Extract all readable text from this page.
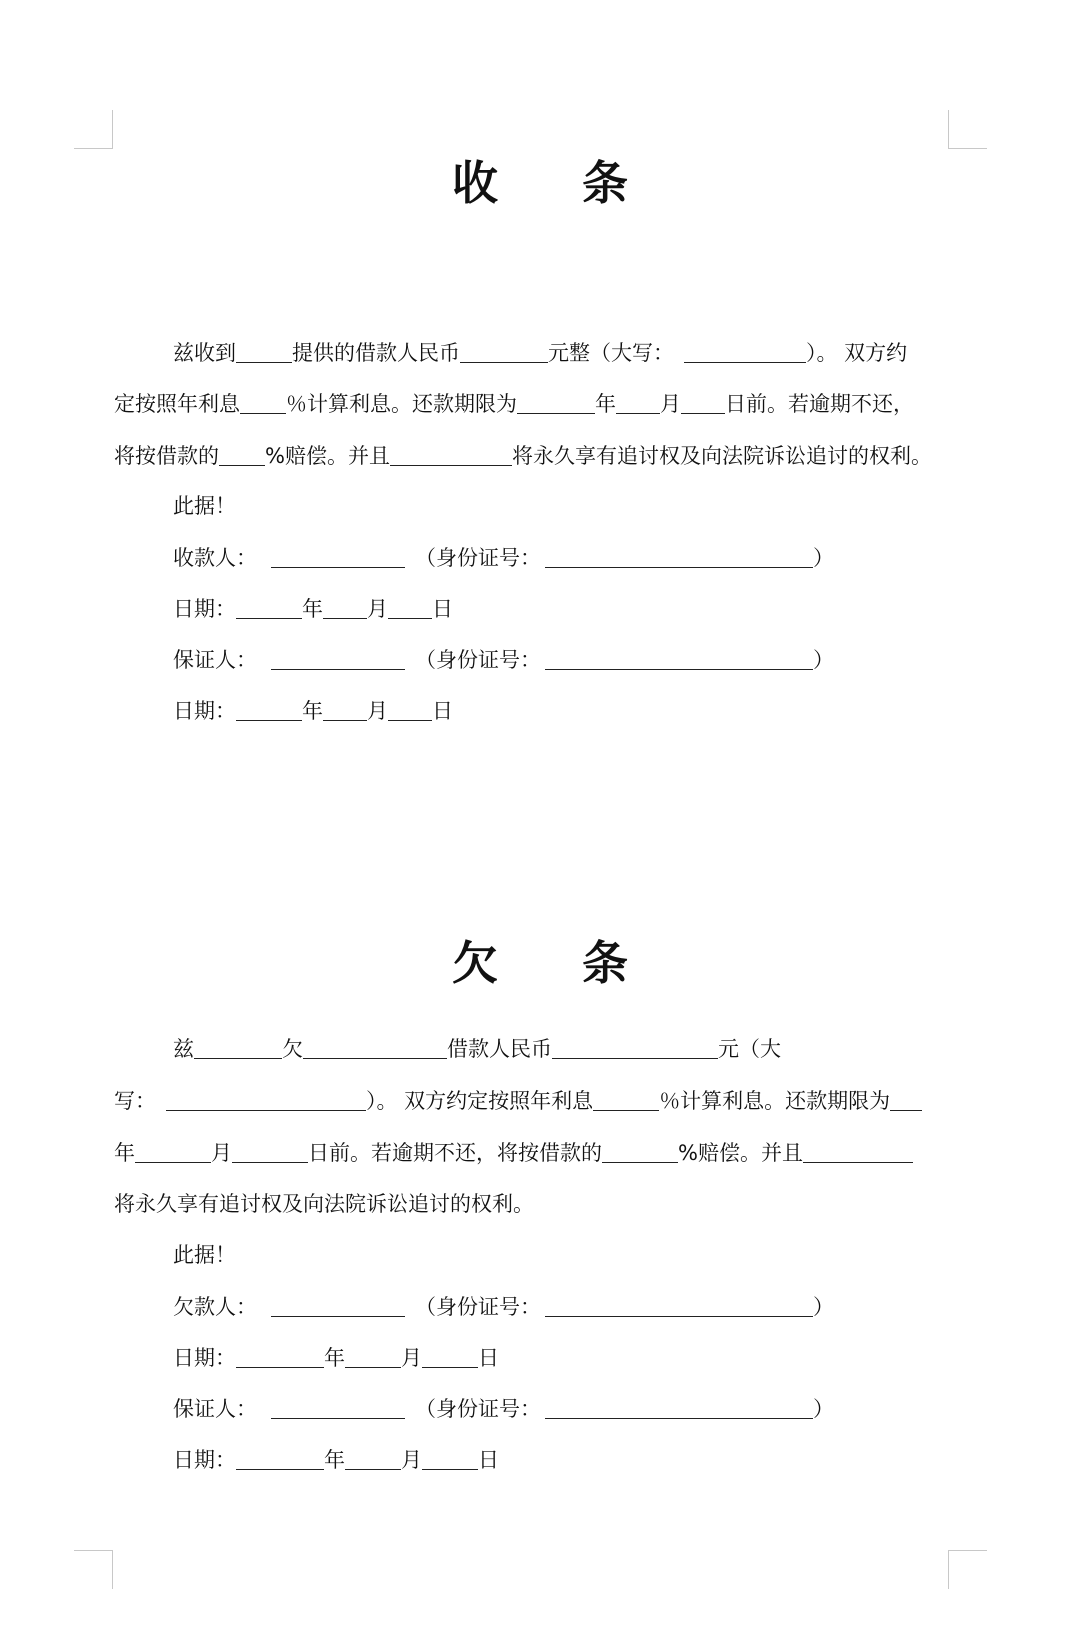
收 条
兹收到	提供的借款人民币	元整（大写：	）。 双方约
定按照年利息 ％计算利息。还款期限为	年 月 日前。若逾期不还，
将按借款的 %赔偿。并且	将永久享有追讨权及向法院诉讼追讨的权利。
此据！
收款人：	（身份证号：	）
日期：	年 月 日
保证人：	（身份证号：	）
日期：	年 月 日
欠 条
兹	欠	借款人民币	元（大
写：	）。 双方约定按照年利息	％计算利息。还款期限为
年	月	日前。若逾期不还，将按借款的	%赔偿。并且
将永久享有追讨权及向法院诉讼追讨的权利。
此据！
欠款人：	（身份证号：	）
日期：	年	月	日
保证人：	（身份证号：	）
日期：	年	月	日
